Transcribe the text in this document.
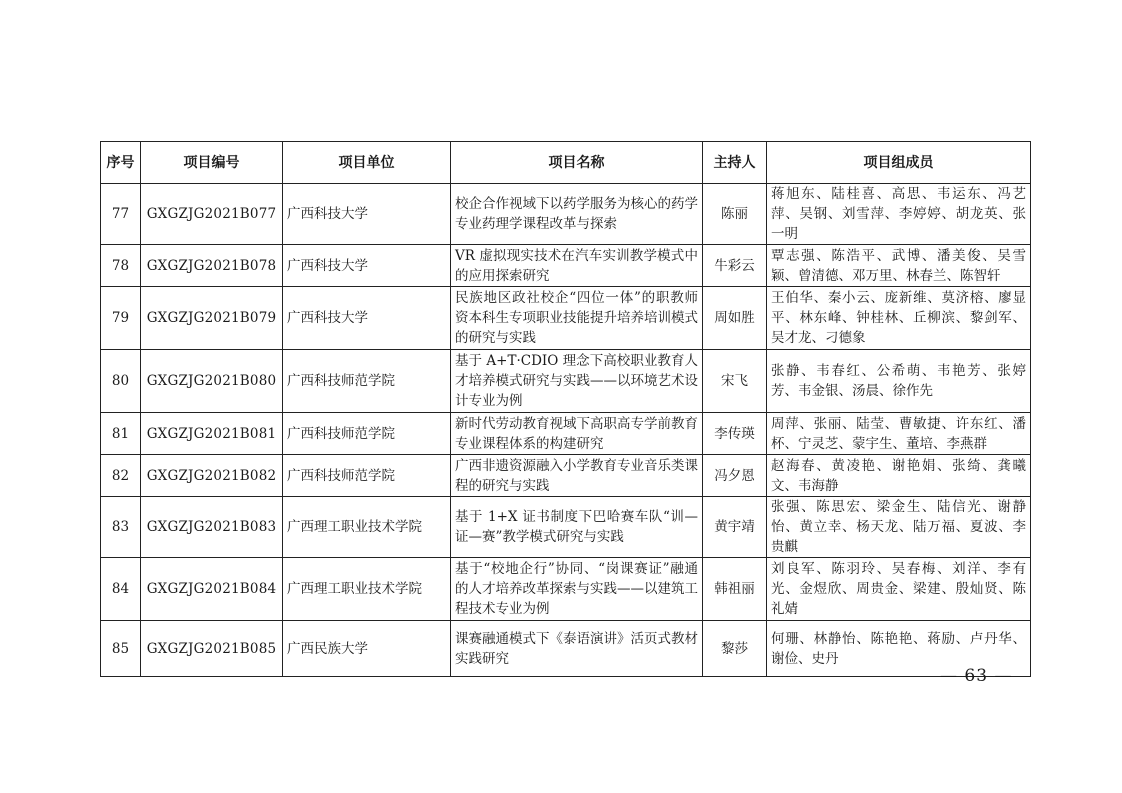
序号	项目编号	项目单位	项目名称	主持人	项目组成员
77	GXGZJG2021B077	广西科技大学	校企合作视域下以药学服务为核心的药学专业药理学课程改革与探索	陈丽	蒋旭东、陆桂喜、高思、韦运东、冯艺萍、吴钢、刘雪萍、李婷婷、胡龙英、张一明
78	GXGZJG2021B078	广西科技大学	VR 虚拟现实技术在汽车实训教学模式中的应用探索研究	牛彩云	覃志强、陈浩平、武博、潘美俊、吴雪颖、曾清德、邓万里、林春兰、陈智轩
79	GXGZJG2021B079	广西科技大学	民族地区政社校企“四位一体”的职教师资本科生专项职业技能提升培养培训模式的研究与实践	周如胜	王伯华、秦小云、庞新维、莫济榕、廖显平、林东峰、钟桂林、丘柳滨、黎剑军、吴才龙、刁德象
80	GXGZJG2021B080	广西科技师范学院	基于 A+T·CDIO 理念下高校职业教育人才培养模式研究与实践——以环境艺术设计专业为例	宋飞	张静、韦春红、公希萌、韦艳芳、张婷芳、韦金银、汤晨、徐作先
81	GXGZJG2021B081	广西科技师范学院	新时代劳动教育视域下高职高专学前教育专业课程体系的构建研究	李传瑛	周萍、张丽、陆莹、曹敏捷、许东红、潘杯、宁灵芝、蒙宇生、董培、李燕群
82	GXGZJG2021B082	广西科技师范学院	广西非遗资源融入小学教育专业音乐类课程的研究与实践	冯夕恩	赵海春、黄凌艳、谢艳娟、张绮、龚曦文、韦海静
83	GXGZJG2021B083	广西理工职业技术学院	基于 1+X 证书制度下巴哈赛车队“训—证—赛”教学模式研究与实践	黄宇靖	张强、陈思宏、梁金生、陆信光、谢静怡、黄立幸、杨天龙、陆万福、夏波、李贵麒
84	GXGZJG2021B084	广西理工职业技术学院	基于“校地企行”协同、“岗课赛证”融通的人才培养改革探索与实践——以建筑工程技术专业为例	韩祖丽	刘良军、陈羽玲、吴春梅、刘洋、李有光、金煜欣、周贵金、梁建、殷灿贤、陈礼婧
85	GXGZJG2021B085	广西民族大学	课赛融通模式下《泰语演讲》活页式教材实践研究	黎莎	何珊、林静怡、陈艳艳、蒋励、卢丹华、谢俭、史丹
— 63 —
